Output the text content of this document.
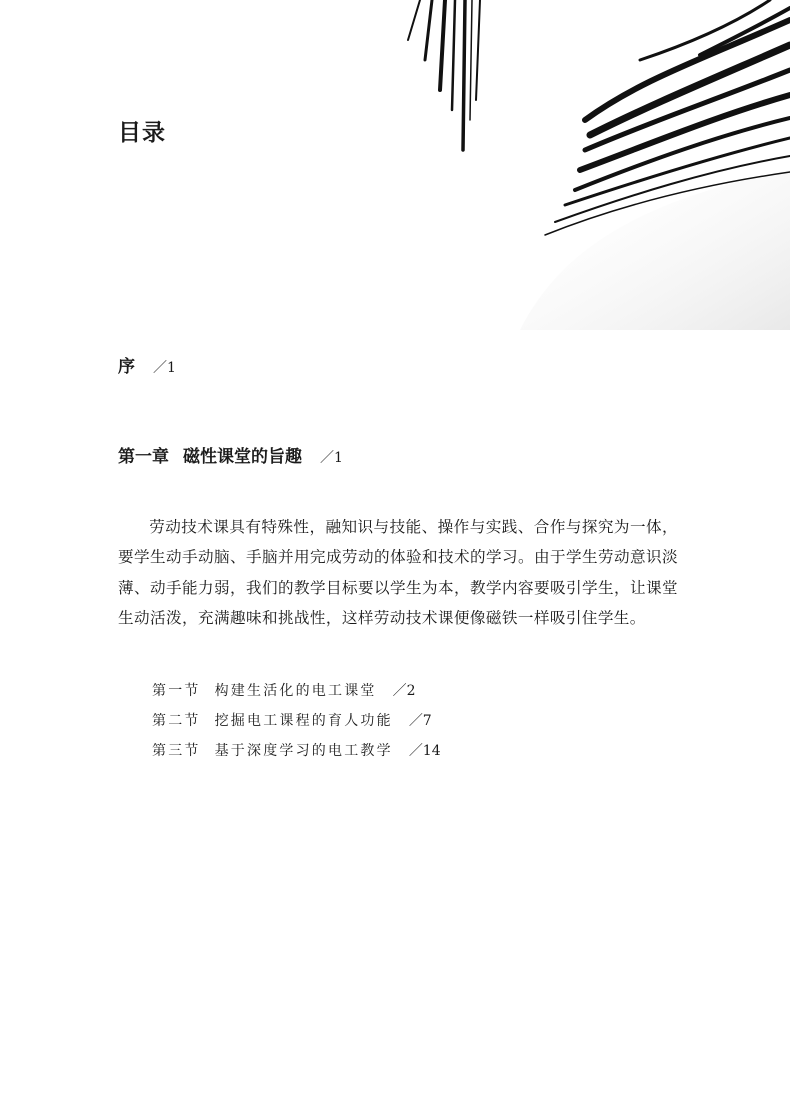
目录
序 ／1
第一章 磁性课堂的旨趣 ／1

劳动技术课具有特殊性，融知识与技能、操作与实践、合作与探究为一体，要学生动手动脑、手脑并用完成劳动的体验和技术的学习。由于学生劳动意识淡薄、动手能力弱，我们的教学目标要以学生为本，教学内容要吸引学生，让课堂生动活泼，充满趣味和挑战性，这样劳动技术课便像磁铁一样吸引住学生。

第一节 构建生活化的电工课堂 ／2
第二节 挖掘电工课程的育人功能 ／7
第三节 基于深度学习的电工教学 ／14
